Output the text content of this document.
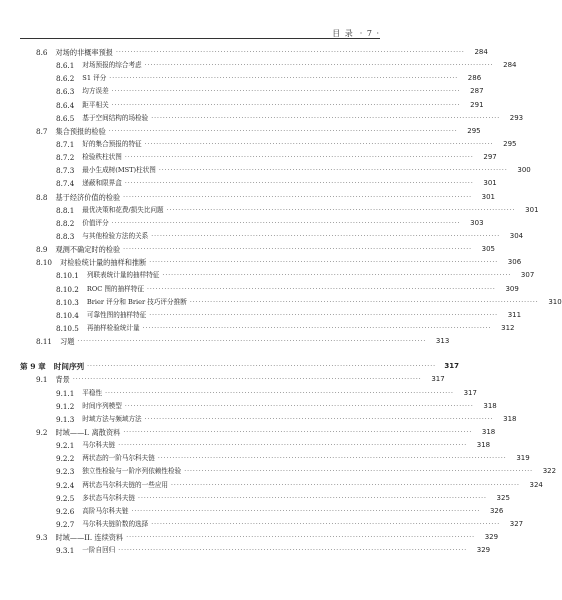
目 录 · 7 ·
8.6 对场的非概率预报 ························································································································	284
8.6.1 对场预报的综合考虑 ························································································································	284
8.6.2 S1 评分 ························································································································	286
8.6.3 均方误差 ························································································································	287
8.6.4 距平相关 ························································································································	291
8.6.5 基于空间结构的场检验 ························································································································	293
8.7 集合预报的检验 ························································································································	295
8.7.1 好的集合预报的特征 ························································································································	295
8.7.2 检验秩柱状图 ························································································································	297
8.7.3 最小生成树(MST)柱状图 ························································································································	300
8.7.4 递蔽和限界盒 ························································································································	301
8.8 基于经济价值的检验 ························································································································	301
8.8.1 最优决策和花费/损失比问题 ························································································································	301
8.8.2 价值评分 ························································································································	303
8.8.3 与其他检验方法的关系 ························································································································	304
8.9 观测不确定时的检验 ························································································································	305
8.10 对检验统计量的抽样和推断 ························································································································	306
8.10.1 列联表统计量的抽样特征 ························································································································	307
8.10.2 ROC 图的抽样特征 ························································································································	309
8.10.3 Brier 评分和 Brier 技巧评分推断 ························································································································	310
8.10.4 可靠性图的抽样特征 ························································································································	311
8.10.5 再抽样检验统计量 ························································································································	312
8.11 习题 ························································································································	313
第 9 章 时间序列 ························································································································	317
9.1 背景 ························································································································	317
9.1.1 平稳性 ························································································································	317
9.1.2 时间序列模型 ························································································································	318
9.1.3 时域方法与频域方法 ························································································································	318
9.2 时域——I. 离散资料 ························································································································	318
9.2.1 马尔科夫链 ························································································································	318
9.2.2 两状态的一阶马尔科夫链 ························································································································	319
9.2.3 独立性检验与一阶序列依赖性检验 ························································································································	322
9.2.4 两状态马尔科夫链的一些应用 ························································································································	324
9.2.5 多状态马尔科夫链 ························································································································	325
9.2.6 高阶马尔科夫链 ························································································································	326
9.2.7 马尔科夫链阶数的选择 ························································································································	327
9.3 时域——II. 连续资料 ························································································································	329
9.3.1 一阶自回归 ························································································································	329
